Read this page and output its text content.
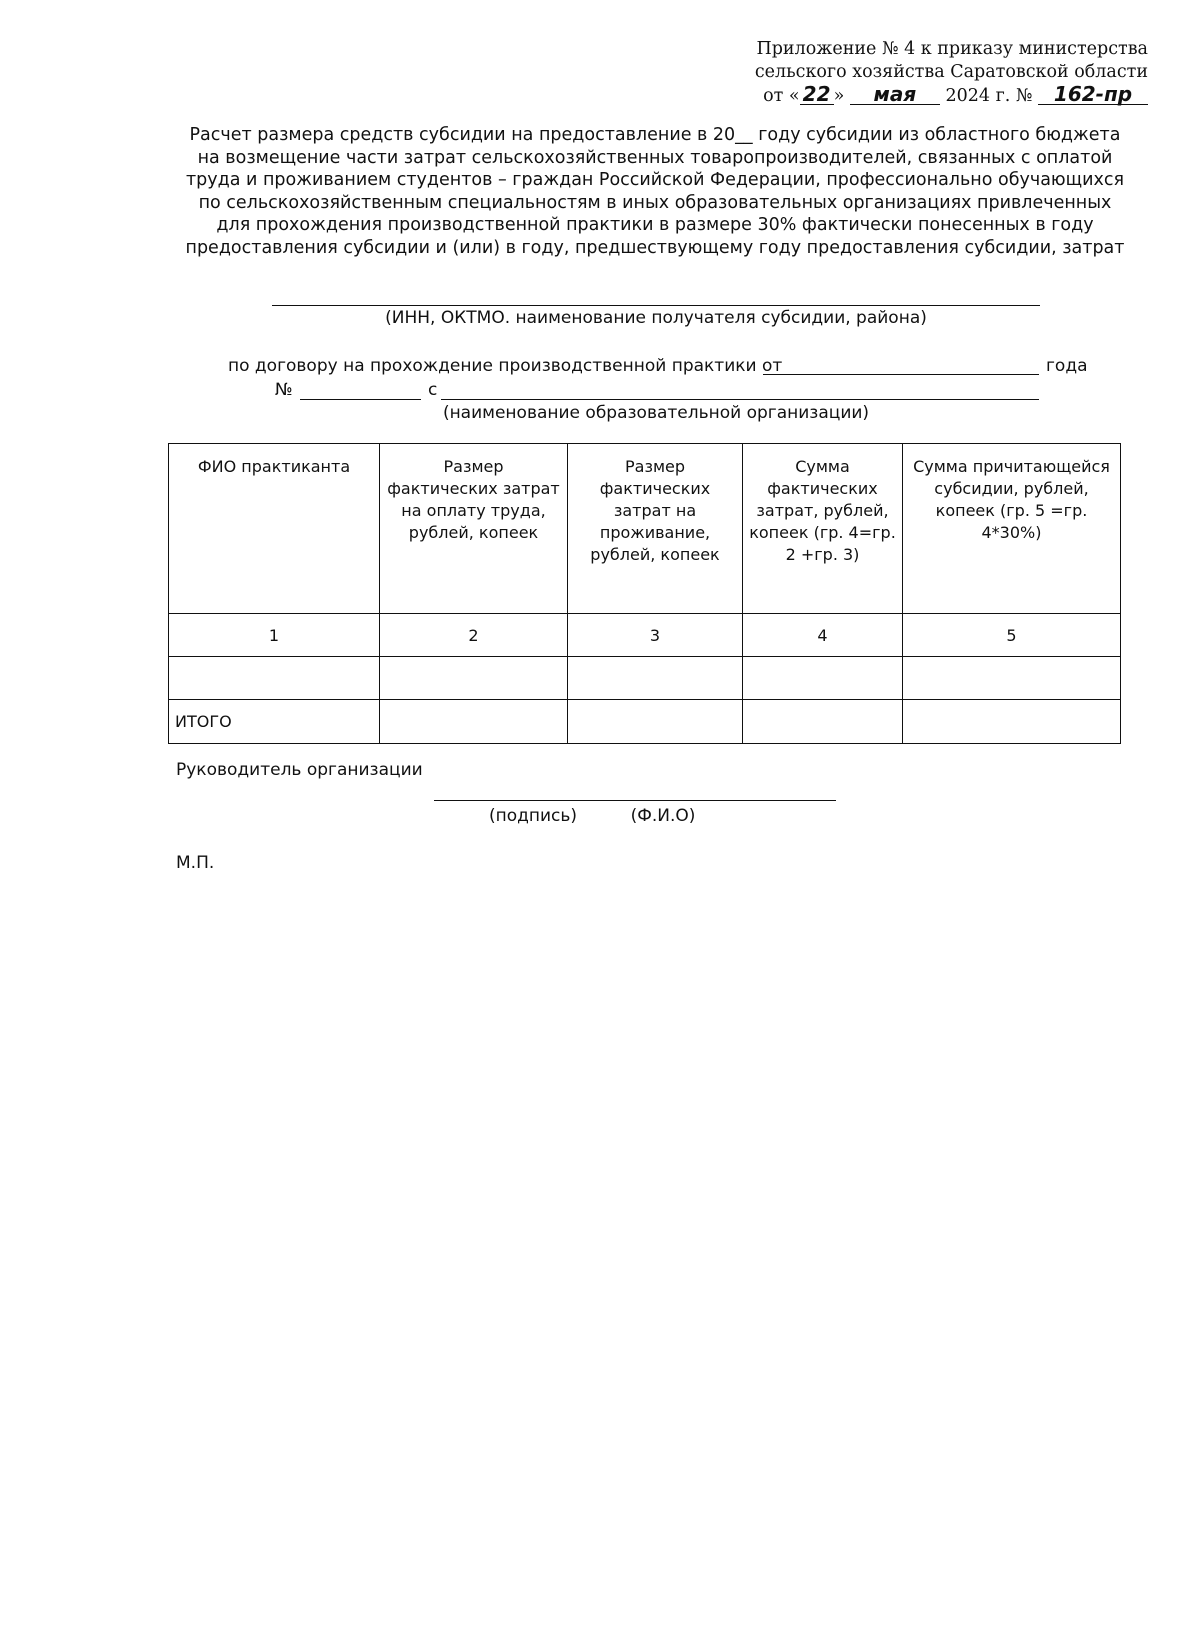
Приложение № 4 к приказу министерства
сельского хозяйства Саратовской области
от « 22 » мая 2024 г. № 162-пр
Расчет размера средств субсидии на предоставление в 20__ году субсидии из областного бюджета на возмещение части затрат сельскохозяйственных товаропроизводителей, связанных с оплатой труда и проживанием студентов – граждан Российской Федерации, профессионально обучающихся по сельскохозяйственным специальностям в иных образовательных организациях привлеченных для прохождения производственной практики в размере 30% фактически понесенных в году предоставления субсидии и (или) в году, предшествующему году предоставления субсидии, затрат
(ИНН, ОКТМО. наименование получателя субсидии, района)
по договору на прохождение производственной практики от	года
№	с
(наименование образовательной организации)
ФИО практиканта	Размер фактических затрат на оплату труда, рублей, копеек	Размер фактических затрат на проживание, рублей, копеек	Сумма фактических затрат, рублей, копеек (гр. 4=гр. 2 +гр. 3)	Сумма причитающейся субсидии, рублей, копеек (гр. 5 =гр. 4*30%)
1	2	3	4	5

ИТОГО				
Руководитель организации
(подпись)	(Ф.И.О)
М.П.
